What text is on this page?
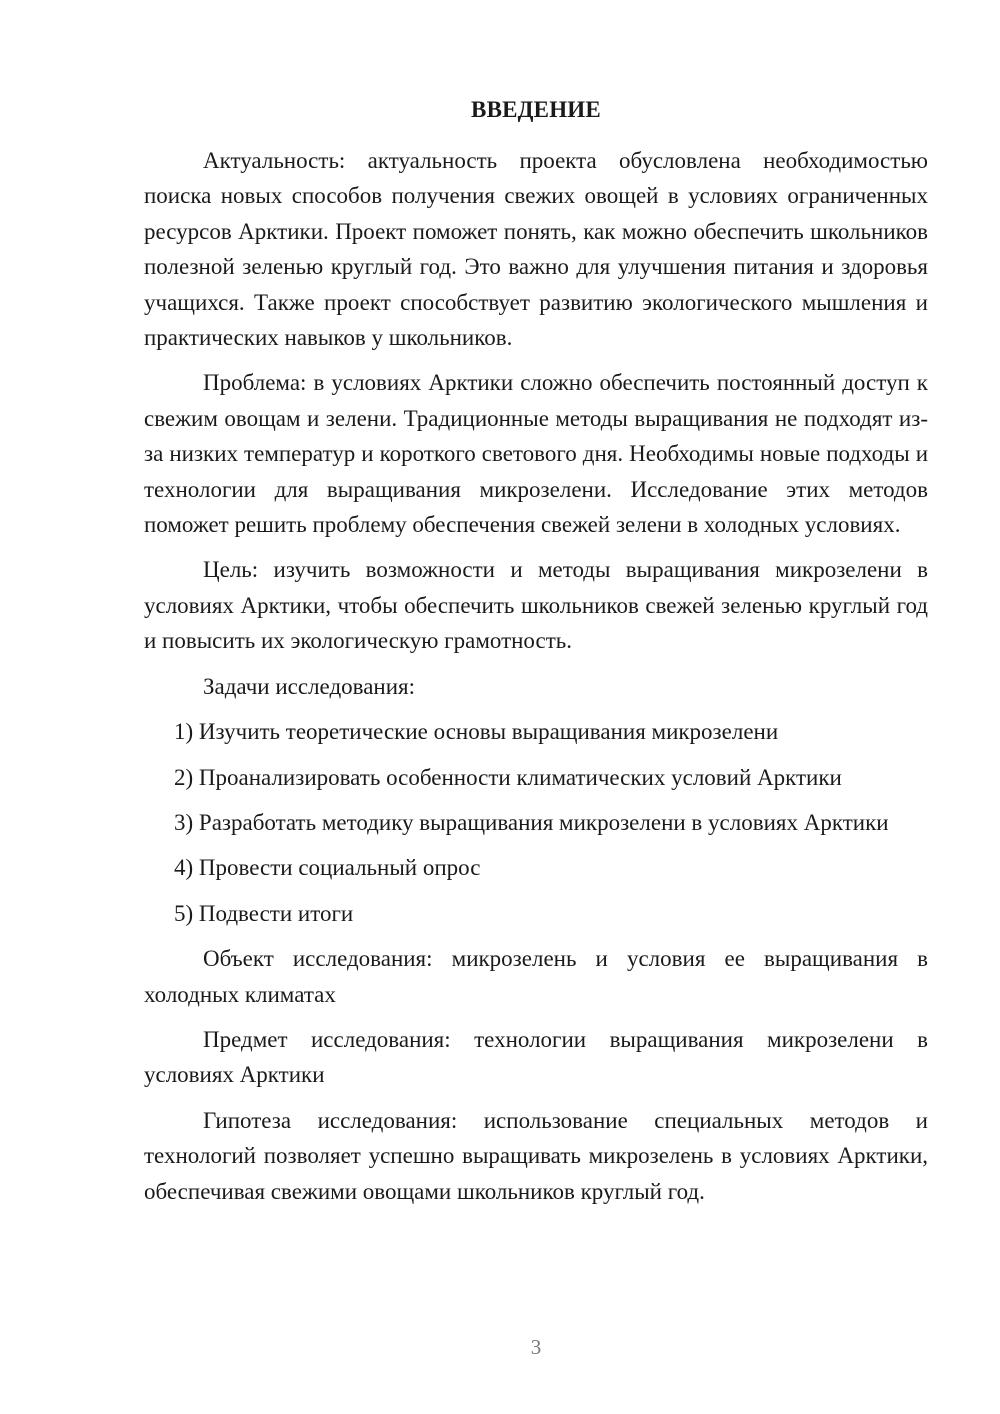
ВВЕДЕНИЕ

Актуальность: актуальность проекта обусловлена необходимостью поиска новых способов получения свежих овощей в условиях ограниченных ресурсов Арктики. Проект поможет понять, как можно обеспечить школьников полезной зеленью круглый год. Это важно для улучшения питания и здоровья учащихся. Также проект способствует развитию экологического мышления и практических навыков у школьников.

Проблема: в условиях Арктики сложно обеспечить постоянный доступ к свежим овощам и зелени. Традиционные методы выращивания не подходят из-за низких температур и короткого светового дня. Необходимы новые подходы и технологии для выращивания микрозелени. Исследование этих методов поможет решить проблему обеспечения свежей зелени в холодных условиях.

Цель: изучить возможности и методы выращивания микрозелени в условиях Арктики, чтобы обеспечить школьников свежей зеленью круглый год и повысить их экологическую грамотность.

Задачи исследования:

1) Изучить теоретические основы выращивания микрозелени

2) Проанализировать особенности климатических условий Арктики

3) Разработать методику выращивания микрозелени в условиях Арктики

4) Провести социальный опрос

5) Подвести итоги

Объект исследования: микрозелень и условия ее выращивания в холодных климатах

Предмет исследования: технологии выращивания микрозелени в условиях Арктики

Гипотеза исследования: использование специальных методов и технологий позволяет успешно выращивать микрозелень в условиях Арктики, обеспечивая свежими овощами школьников круглый год.

3
